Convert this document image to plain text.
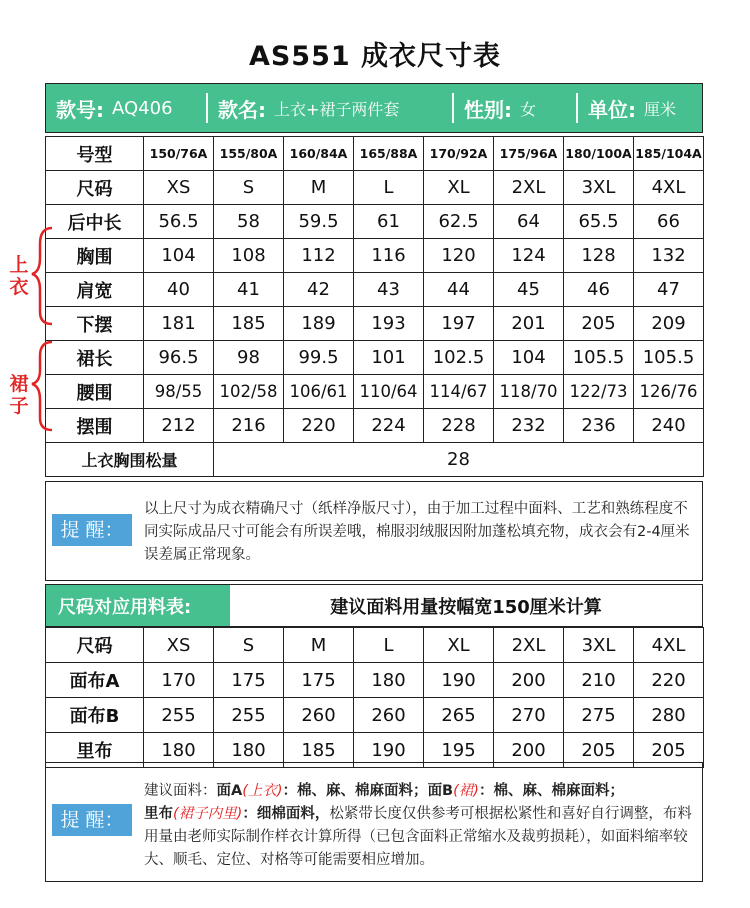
AS551 成衣尺寸表
款号: AQ406 款名: 上衣+裙子两件套	性别: 女	单位: 厘米
号型	150/76A	155/80A	160/84A	165/88A	170/92A	175/96A	180/100A	185/104A
尺码	XS	S	M	L	XL	2XL	3XL	4XL
后中长	56.5	58	59.5	61	62.5	64	65.5	66
胸围	104	108	112	116	120	124	128	132
肩宽	40	41	42	43	44	45	46	47
下摆	181	185	189	193	197	201	205	209
裙长	96.5	98	99.5	101	102.5	104	105.5	105.5
腰围	98/55	102/58	106/61	110/64	114/67	118/70	122/73	126/76
摆围	212	216	220	224	228	232	236	240
上衣胸围松量		28						
上衣
裙子
提 醒：
以上尺寸为成衣精确尺寸（纸样净版尺寸），由于加工过程中面料、工艺和熟练程度不同实际成品尺寸可能会有所误差哦，棉服羽绒服因附加蓬松填充物，成衣会有2-4厘米误差属正常现象。
尺码对应用料表:	建议面料用量按幅宽150厘米计算
尺码	XS	S	M	L	XL	2XL	3XL	4XL
面布A	170	175	175	180	190	200	210	220
面布B	255	255	260	260	265	270	275	280
里布	180	180	185	190	195	200	205	205
提 醒：
建议面料：面A(上衣)：棉、麻、棉麻面料；面B(裙)：棉、麻、棉麻面料；
里布(裙子内里)：细棉面料，松紧带长度仅供参考可根据松紧性和喜好自行调整，布料用量由老师实际制作样衣计算所得（已包含面料正常缩水及裁剪损耗），如面料缩率较大、顺毛、定位、对格等可能需要相应增加。
